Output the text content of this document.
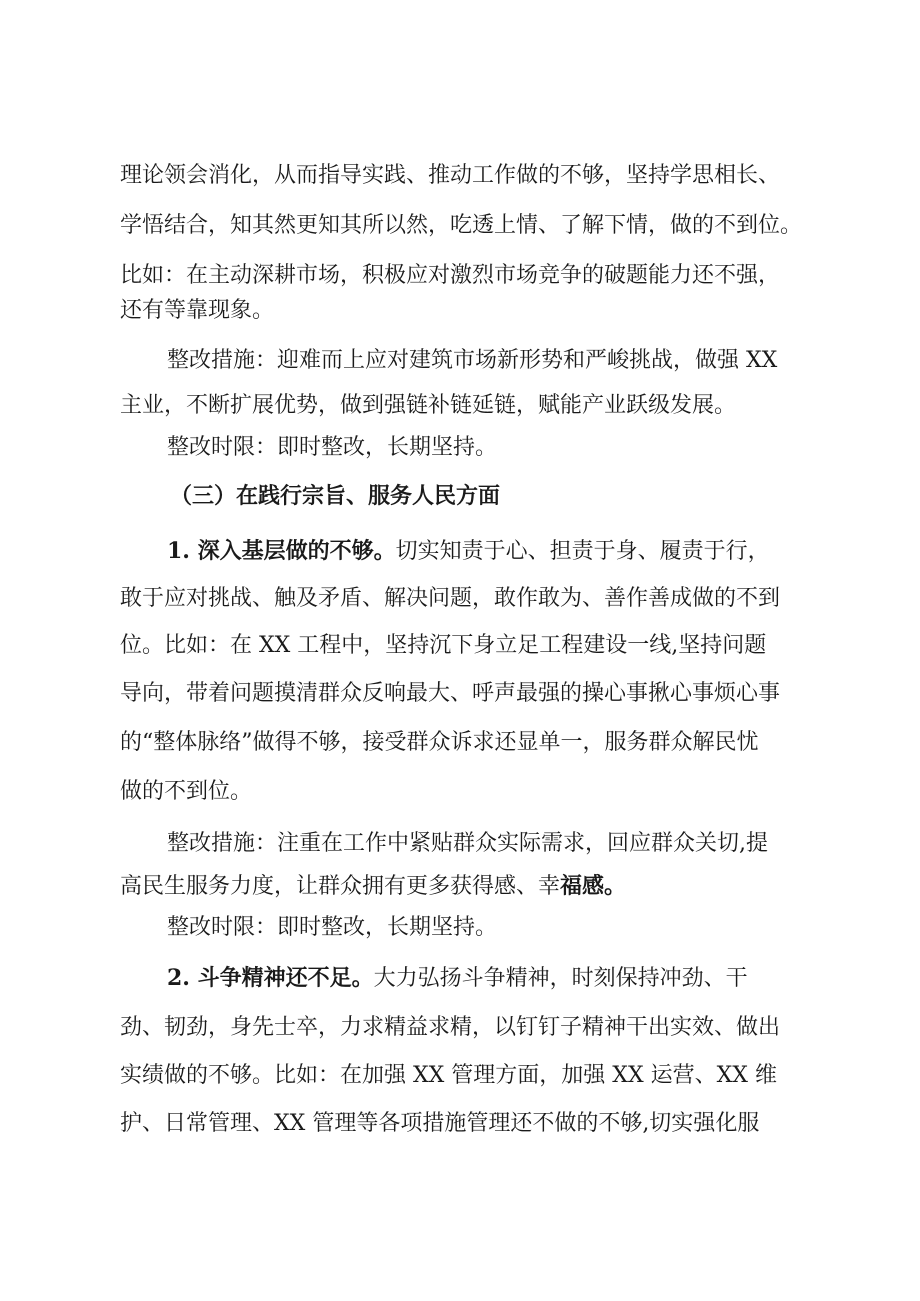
理论领会消化，从而指导实践、推动工作做的不够，坚持学思相长、

学悟结合，知其然更知其所以然，吃透上情、了解下情，做的不到位。

比如：在主动深耕市场，积极应对激烈市场竞争的破题能力还不强，

还有等靠现象。

整改措施：迎难而上应对建筑市场新形势和严峻挑战，做强 XX

主业，不断扩展优势，做到强链补链延链，赋能产业跃级发展。

整改时限：即时整改，长期坚持。

（三）在践行宗旨、服务人民方面

1. 深入基层做的不够。切实知责于心、担责于身、履责于行，

敢于应对挑战、触及矛盾、解决问题，敢作敢为、善作善成做的不到

位。比如：在 XX 工程中，坚持沉下身立足工程建设一线,坚持问题

导向，带着问题摸清群众反响最大、呼声最强的操心事揪心事烦心事

的“整体脉络”做得不够，接受群众诉求还显单一，服务群众解民忧

做的不到位。

整改措施：注重在工作中紧贴群众实际需求，回应群众关切,提

高民生服务力度，让群众拥有更多获得感、幸福感。

整改时限：即时整改，长期坚持。

2. 斗争精神还不足。大力弘扬斗争精神，时刻保持冲劲、干

劲、韧劲，身先士卒，力求精益求精，以钉钉子精神干出实效、做出

实绩做的不够。比如：在加强 XX 管理方面，加强 XX 运营、XX 维

护、日常管理、XX 管理等各项措施管理还不做的不够,切实强化服
